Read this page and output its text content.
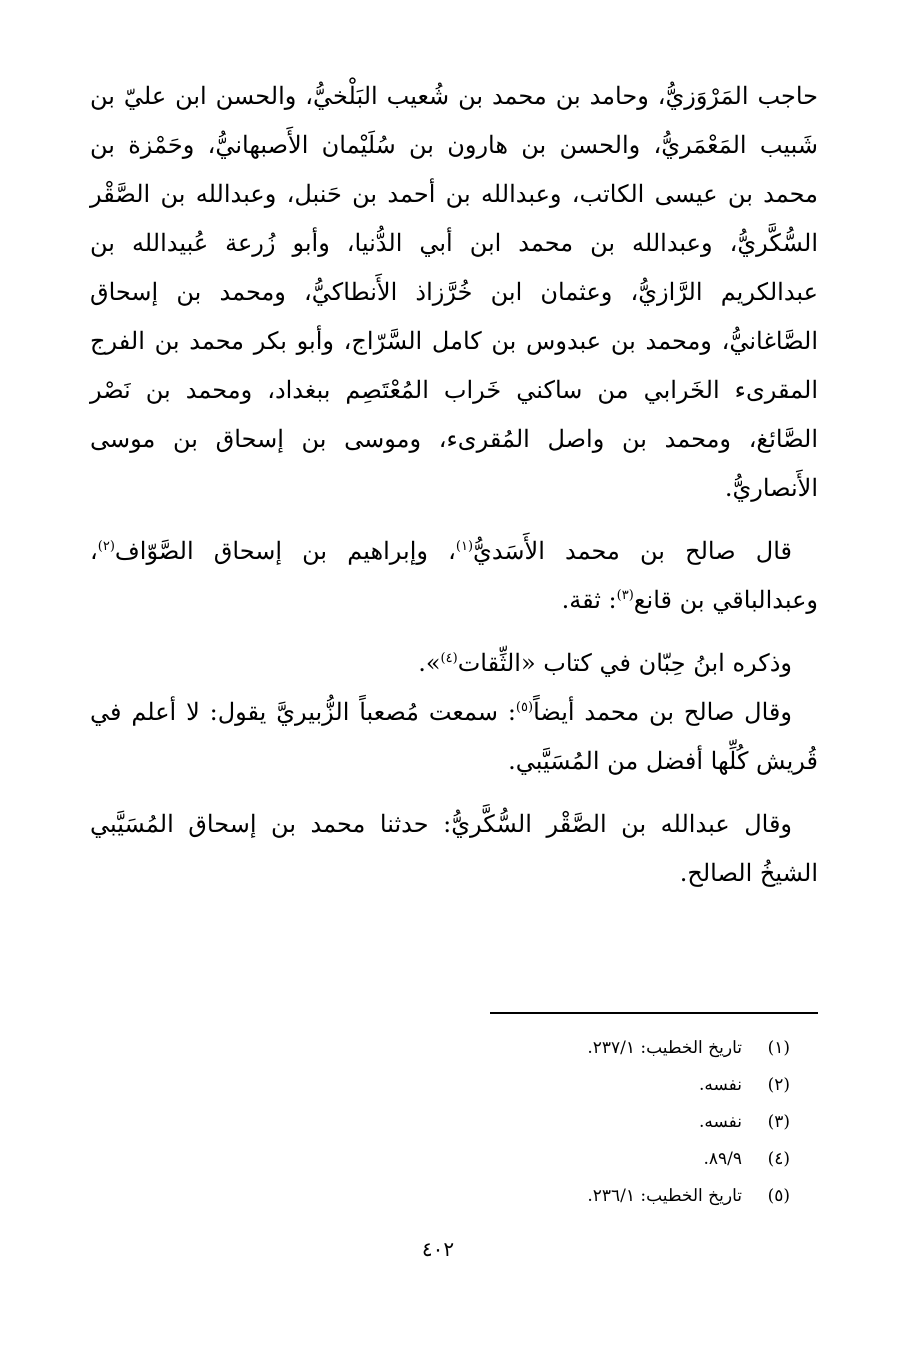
حاجب المَرْوَزيُّ، وحامد بن محمد بن شُعيب البَلْخيُّ، والحسن ابن عليّ بن شَبيب المَعْمَريُّ، والحسن بن هارون بن سُلَيْمان الأَصبهانيُّ، وحَمْزة بن محمد بن عيسى الكاتب، وعبدالله بن أحمد بن حَنبل، وعبدالله بن الصَّقْر السُّكَّريُّ، وعبدالله بن محمد ابن أبي الدُّنيا، وأبو زُرعة عُبيدالله بن عبدالكريم الرَّازيُّ، وعثمان ابن خُرَّزاذ الأَنطاكيُّ، ومحمد بن إسحاق الصَّاغانيُّ، ومحمد بن عبدوس بن كامل السَّرّاج، وأبو بكر محمد بن الفرج المقرىء الخَرابي من ساكني خَراب المُعْتَصِم ببغداد، ومحمد بن نَصْر الصَّائغ، ومحمد بن واصل المُقرىء، وموسى بن إسحاق بن موسى الأَنصاريُّ.

قال صالح بن محمد الأَسَديُّ$^{(١)}$، وإبراهيم بن إسحاق الصَّوّاف$^{(٢)}$، وعبدالباقي بن قانع$^{(٣)}$: ثقة.

وذكره ابنُ حِبّان في كتاب «الثِّقات$^{(٤)}$».

وقال صالح بن محمد أيضاً$^{(٥)}$: سمعت مُصعباً الزُّبيريَّ يقول: لا أعلم في قُريش كُلِّها أفضل من المُسَيَّبي.

وقال عبدالله بن الصَّقْر السُّكَّريُّ: حدثنا محمد بن إسحاق المُسَيَّبي الشيخُ الصالح.

(١)
تاريخ الخطيب: ٢٣٧/١.
(٢)
نفسه.
(٣)
نفسه.
(٤)
٨٩/٩.
(٥)
تاريخ الخطيب: ٢٣٦/١.
٤٠٢
